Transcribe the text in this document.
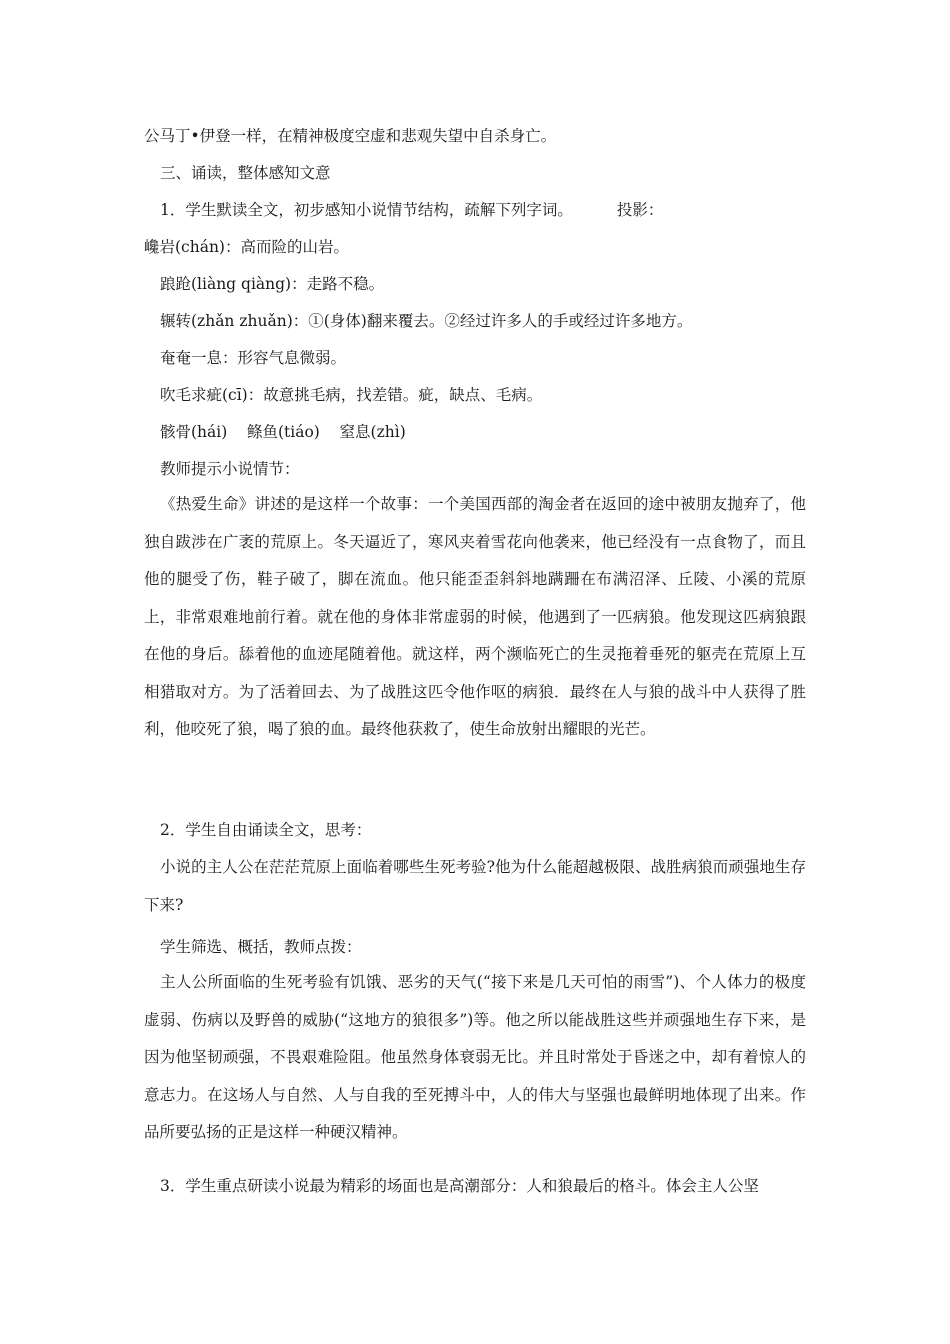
公马丁•伊登一样，在精神极度空虚和悲观失望中自杀身亡。
三、诵读，整体感知文意
1．学生默读全文，初步感知小说情节结构，疏解下列字词。	投影：
巉岩(chán)：高而险的山岩。
踉跄(liàng qiàng)：走路不稳。
辗转(zhǎn zhuǎn)：①(身体)翻来覆去。②经过许多人的手或经过许多地方。
奄奄一息：形容气息微弱。
吹毛求疵(cī)：故意挑毛病，找差错。疵，缺点、毛病。
骸骨(hái)    鲦鱼(tiáo)    窒息(zhì)
教师提示小说情节：
《热爱生命》讲述的是这样一个故事：一个美国西部的淘金者在返回的途中被朋友抛弃了，他独自跋涉在广袤的荒原上。冬天逼近了，寒风夹着雪花向他袭来，他已经没有一点食物了，而且他的腿受了伤，鞋子破了，脚在流血。他只能歪歪斜斜地蹒跚在布满沼泽、丘陵、小溪的荒原上，非常艰难地前行着。就在他的身体非常虚弱的时候，他遇到了一匹病狼。他发现这匹病狼跟在他的身后。舔着他的血迹尾随着他。就这样，两个濒临死亡的生灵拖着垂死的躯壳在荒原上互相猎取对方。为了活着回去、为了战胜这匹令他作呕的病狼．最终在人与狼的战斗中人获得了胜利，他咬死了狼，喝了狼的血。最终他获救了，使生命放射出耀眼的光芒。
2．学生自由诵读全文，思考：
小说的主人公在茫茫荒原上面临着哪些生死考验?他为什么能超越极限、战胜病狼而顽强地生存下来?
学生筛选、概括，教师点拨：
主人公所面临的生死考验有饥饿、恶劣的天气(“接下来是几天可怕的雨雪”)、个人体力的极度虚弱、伤病以及野兽的威胁(“这地方的狼很多”)等。他之所以能战胜这些并顽强地生存下来，是因为他坚韧顽强，不畏艰难险阻。他虽然身体衰弱无比。并且时常处于昏迷之中，却有着惊人的意志力。在这场人与自然、人与自我的至死搏斗中，人的伟大与坚强也最鲜明地体现了出来。作品所要弘扬的正是这样一种硬汉精神。
3．学生重点研读小说最为精彩的场面也是高潮部分：人和狼最后的格斗。体会主人公坚
